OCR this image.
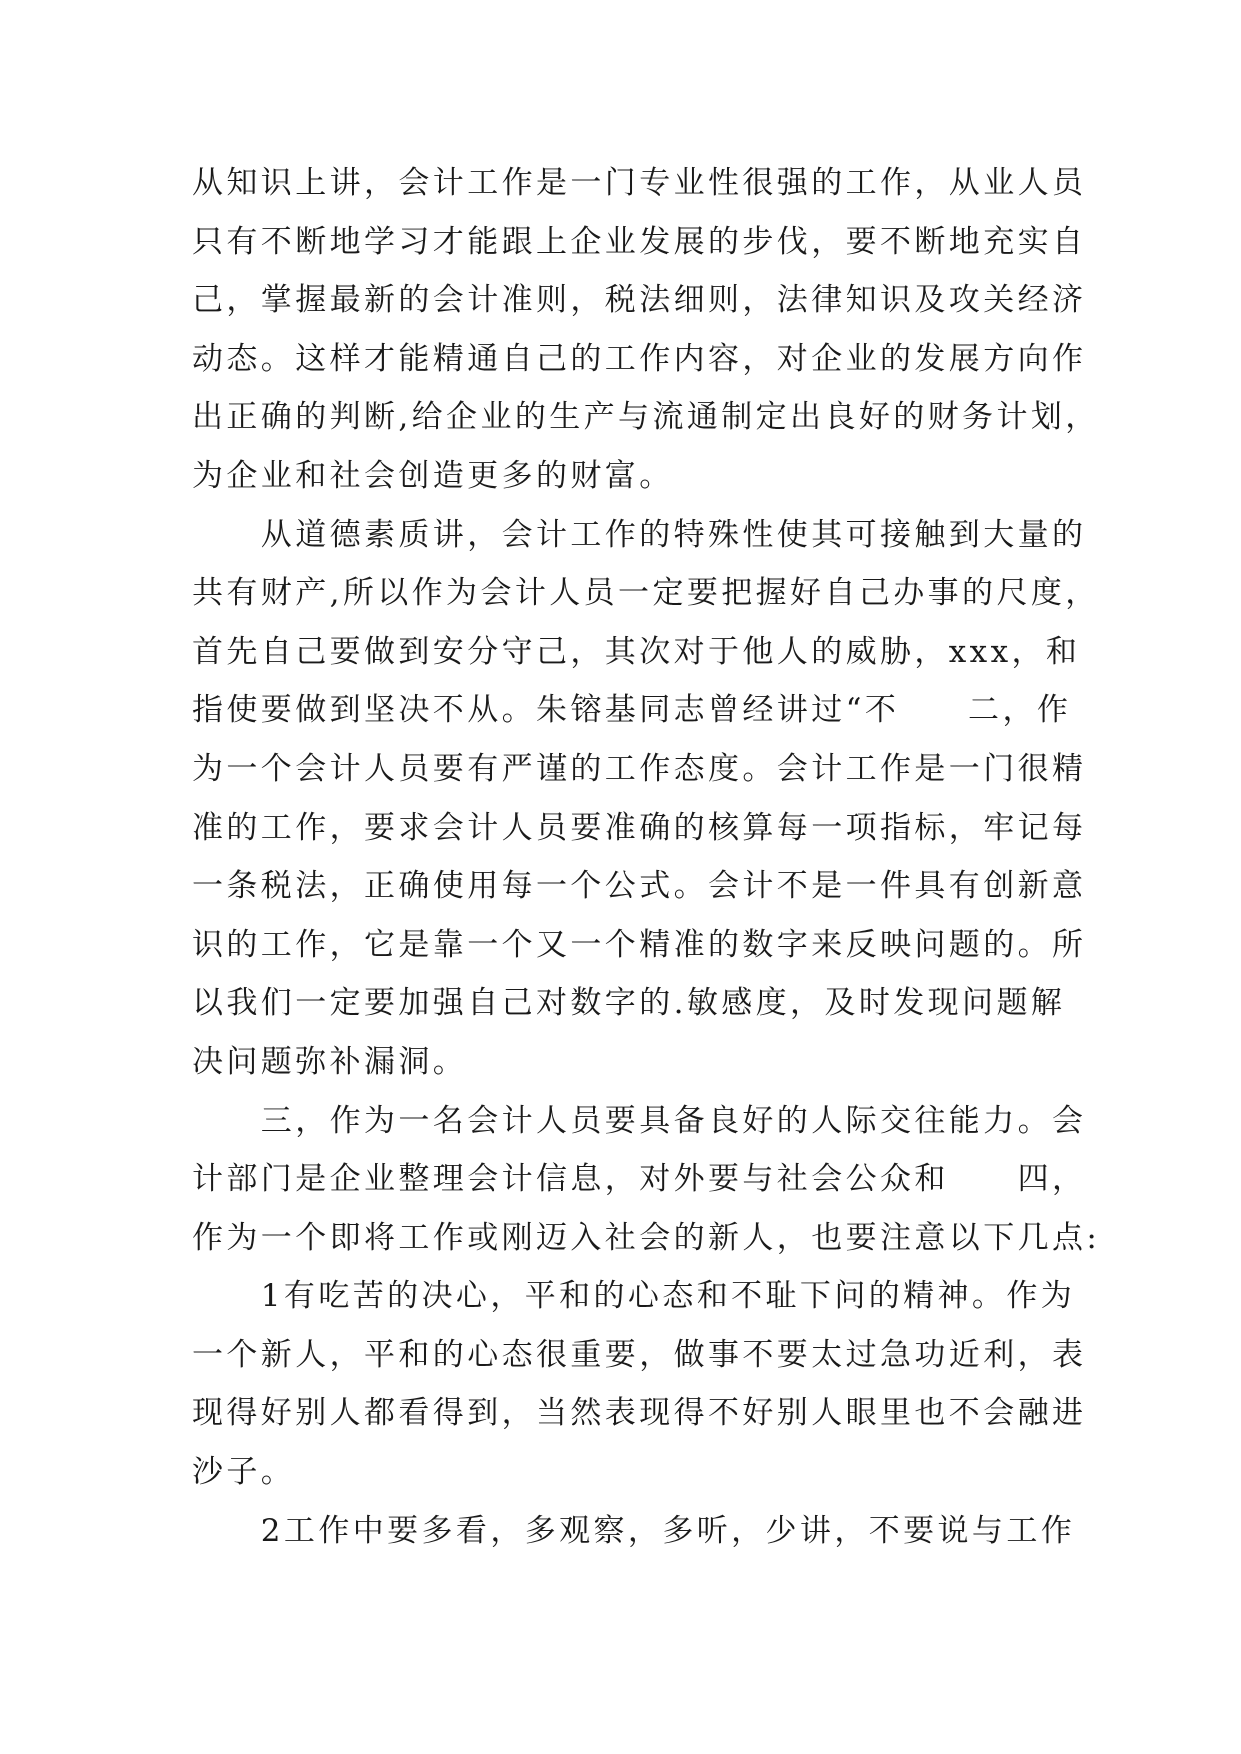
从知识上讲，会计工作是一门专业性很强的工作，从业人员
只有不断地学习才能跟上企业发展的步伐，要不断地充实自
己，掌握最新的会计准则，税法细则，法律知识及攻关经济
动态。这样才能精通自己的工作内容，对企业的发展方向作
出正确的判断,给企业的生产与流通制定出良好的财务计划，
为企业和社会创造更多的财富。
　　从道德素质讲，会计工作的特殊性使其可接触到大量的
共有财产,所以作为会计人员一定要把握好自己办事的尺度，
首先自己要做到安分守己，其次对于他人的威胁，xxx，和
指使要做到坚决不从。朱镕基同志曾经讲过“不　　二，作
为一个会计人员要有严谨的工作态度。会计工作是一门很精
准的工作，要求会计人员要准确的核算每一项指标，牢记每
一条税法，正确使用每一个公式。会计不是一件具有创新意
识的工作，它是靠一个又一个精准的数字来反映问题的。所
以我们一定要加强自己对数字的.敏感度，及时发现问题解
决问题弥补漏洞。
　　三，作为一名会计人员要具备良好的人际交往能力。会
计部门是企业整理会计信息，对外要与社会公众和　　四，
作为一个即将工作或刚迈入社会的新人，也要注意以下几点:
　　1有吃苦的决心，平和的心态和不耻下问的精神。作为
一个新人，平和的心态很重要，做事不要太过急功近利，表
现得好别人都看得到，当然表现得不好别人眼里也不会融进
沙子。
　　2工作中要多看，多观察，多听，少讲，不要说与工作
